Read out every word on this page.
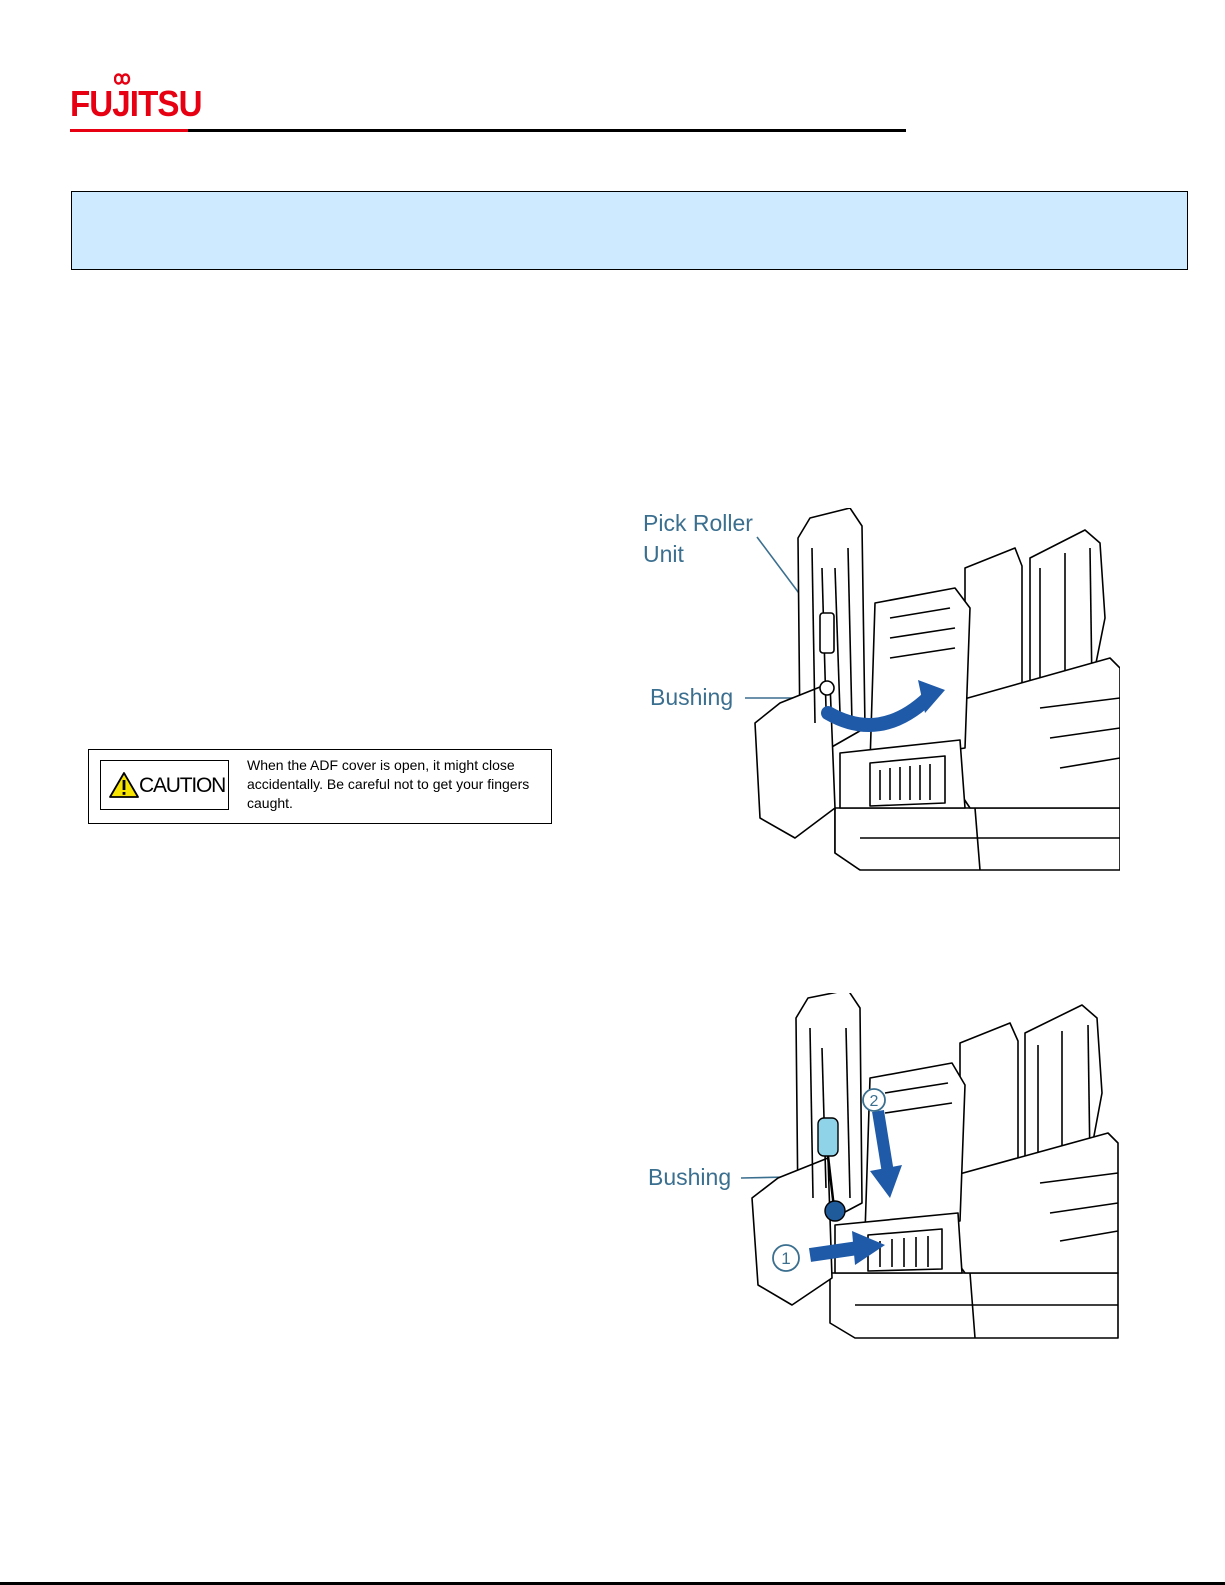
FUJITSU
CAUTION
When the ADF cover is open, it might close accidentally. Be careful not to get your fingers caught.
Pick Roller
Unit
Bushing
Bushing
2
1
